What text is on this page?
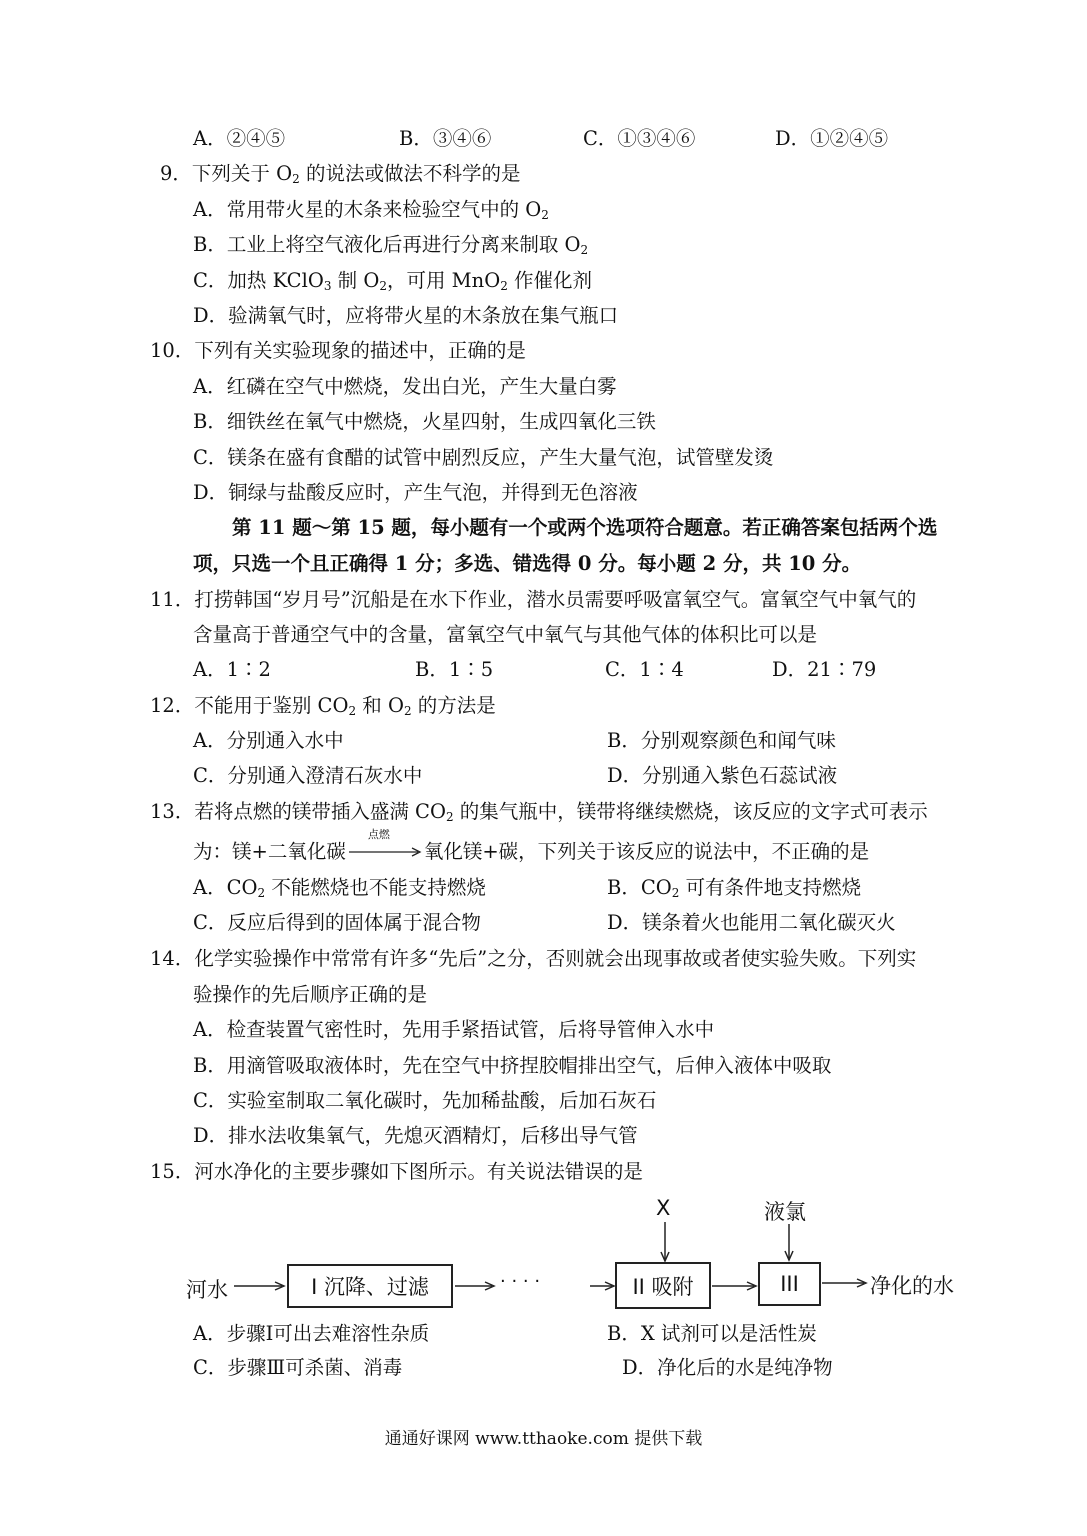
A．②④⑤	B．③④⑥	C．①③④⑥	D．①②④⑤
9．下列关于 $O_2$ 的说法或做法不科学的是
A．常用带火星的木条来检验空气中的 $O_2$
B．工业上将空气液化后再进行分离来制取 $O_2$
C．加热 KClO$_3$ 制 $O_2$，可用 MnO$_2$ 作催化剂
D．验满氧气时，应将带火星的木条放在集气瓶口
10．下列有关实验现象的描述中，正确的是
A．红磷在空气中燃烧，发出白光，产生大量白雾
B．细铁丝在氧气中燃烧，火星四射，生成四氧化三铁
C．镁条在盛有食醋的试管中剧烈反应，产生大量气泡，试管壁发烫
D．铜绿与盐酸反应时，产生气泡，并得到无色溶液
第 11 题～第 15 题，每小题有一个或两个选项符合题意。若正确答案包括两个选
项，只选一个且正确得 1 分；多选、错选得 0 分。每小题 2 分，共 10 分。
11．打捞韩国“岁月号”沉船是在水下作业，潜水员需要呼吸富氧空气。富氧空气中氧气的
含量高于普通空气中的含量，富氧空气中氧气与其他气体的体积比可以是
A．1∶2	B．1∶5	C．1∶4	D．21∶79
12．不能用于鉴别 $CO_2$ 和 $O_2$ 的方法是
A．分别通入水中	B．分别观察颜色和闻气味
C．分别通入澄清石灰水中	D．分别通入紫色石蕊试液
13．若将点燃的镁带插入盛满 $CO_2$ 的集气瓶中，镁带将继续燃烧，该反应的文字式可表示
为：镁+二氧化碳
点燃
氧化镁+碳，下列关于该反应的说法中，不正确的是
A．$CO_2$ 不能燃烧也不能支持燃烧	B．$CO_2$ 可有条件地支持燃烧
C．反应后得到的固体属于混合物	D．镁条着火也能用二氧化碳灭火
14．化学实验操作中常常有许多“先后”之分，否则就会出现事故或者使实验失败。下列实
验操作的先后顺序正确的是
A．检查装置气密性时，先用手紧捂试管，后将导管伸入水中
B．用滴管吸取液体时，先在空气中挤捏胶帽排出空气，后伸入液体中吸取
C．实验室制取二氧化碳时，先加稀盐酸，后加石灰石
D．排水法收集氧气，先熄灭酒精灯，后移出导气管
15．河水净化的主要步骤如下图所示。有关说法错误的是
河水	I 沉降、过滤	· · · ·	II 吸附	III	净化的水
X	液氯
A．步骤Ⅰ可出去难溶性杂质	B．X 试剂可以是活性炭
C．步骤Ⅲ可杀菌、消毒	D．净化后的水是纯净物
通通好课网 www.tthaoke.com 提供下载
